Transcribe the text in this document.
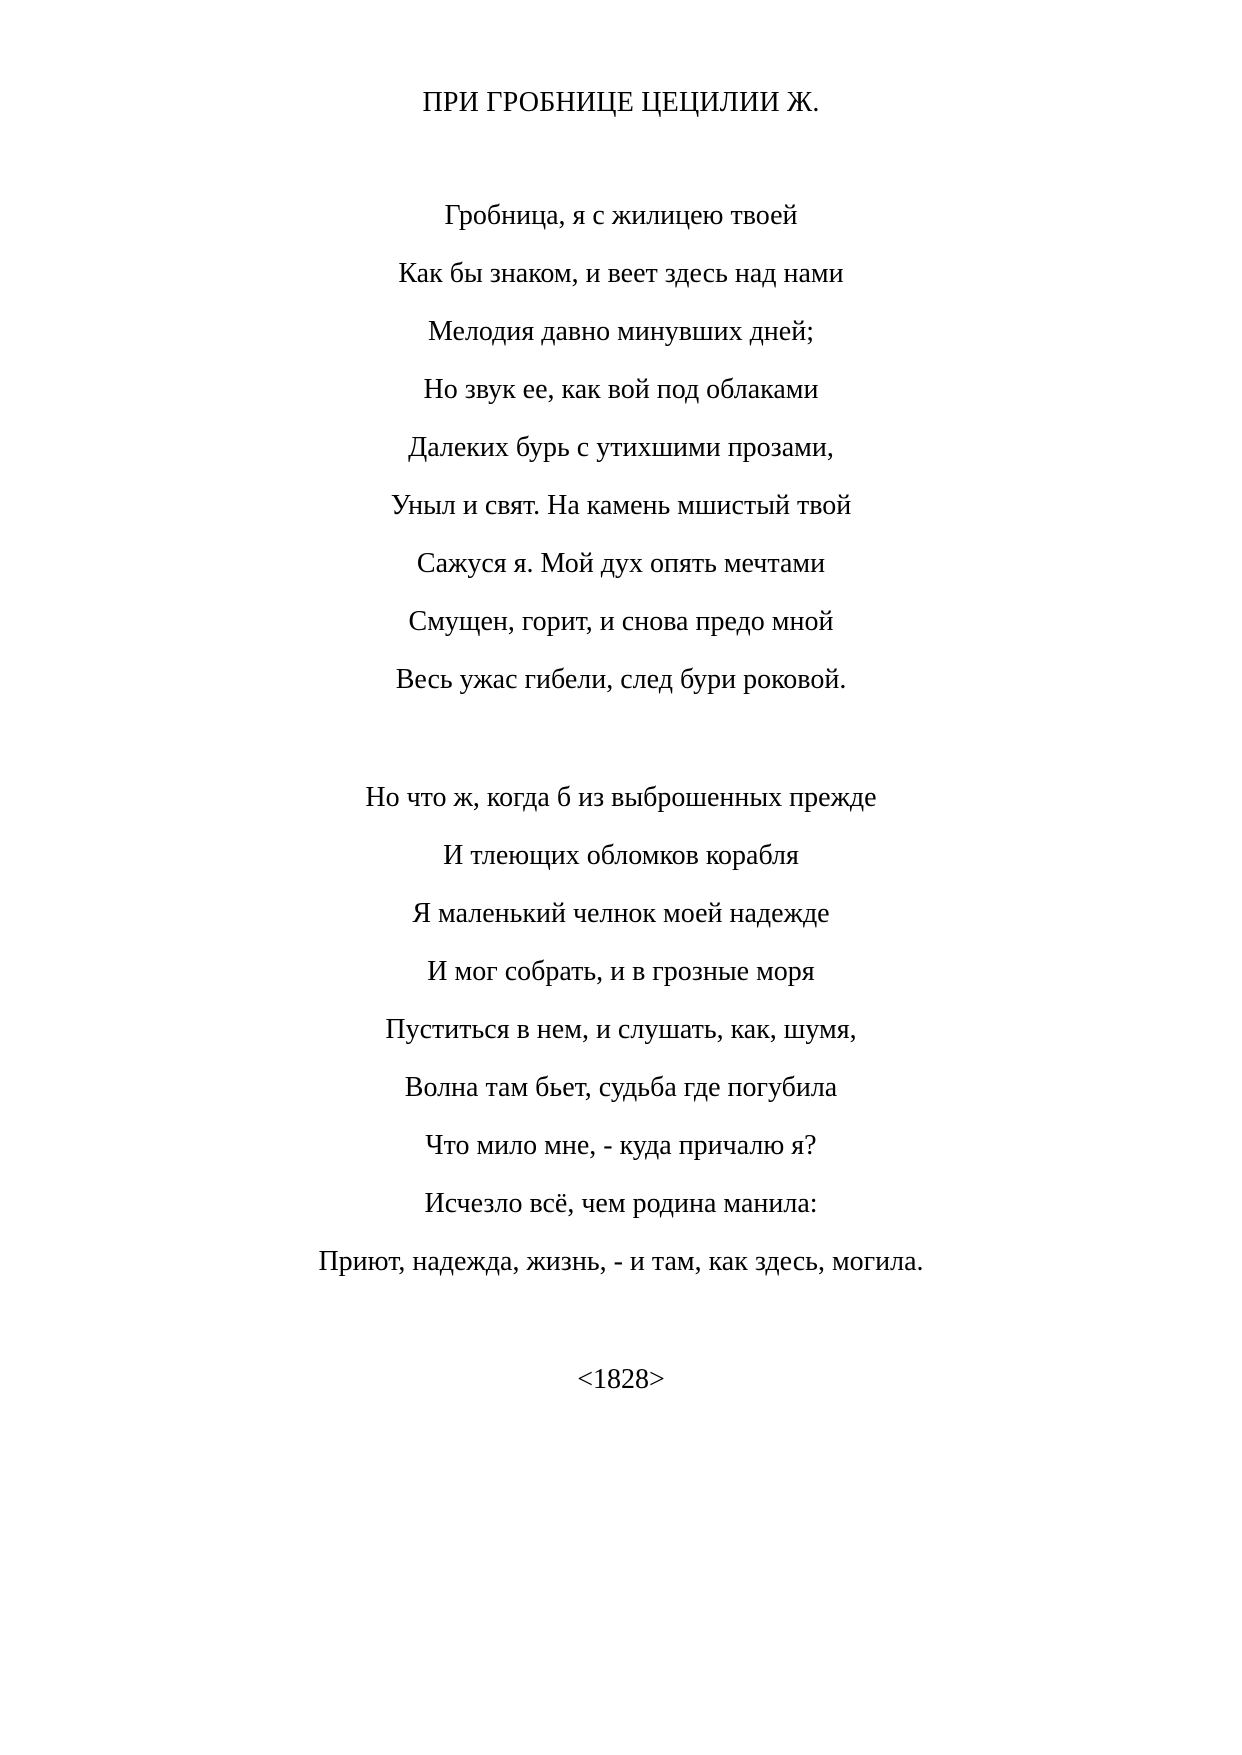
ПРИ ГРОБНИЦЕ ЦЕЦИЛИИ Ж.
Гробница, я с жилицею твоей
Как бы знаком, и веет здесь над нами
Мелодия давно минувших дней;
Но звук ее, как вой под облаками
Далеких бурь с утихшими прозами,
Уныл и свят. На камень мшистый твой
Сажуся я. Мой дух опять мечтами
Смущен, горит, и снова предо мной
Весь ужас гибели, след бури роковой.
Но что ж, когда б из выброшенных прежде
И тлеющих обломков корабля
Я маленький челнок моей надежде
И мог собрать, и в грозные моря
Пуститься в нем, и слушать, как, шумя,
Волна там бьет, судьба где погубила
Что мило мне, - куда причалю я?
Исчезло всё, чем родина манила:
Приют, надежда, жизнь, - и там, как здесь, могила.
<1828>
